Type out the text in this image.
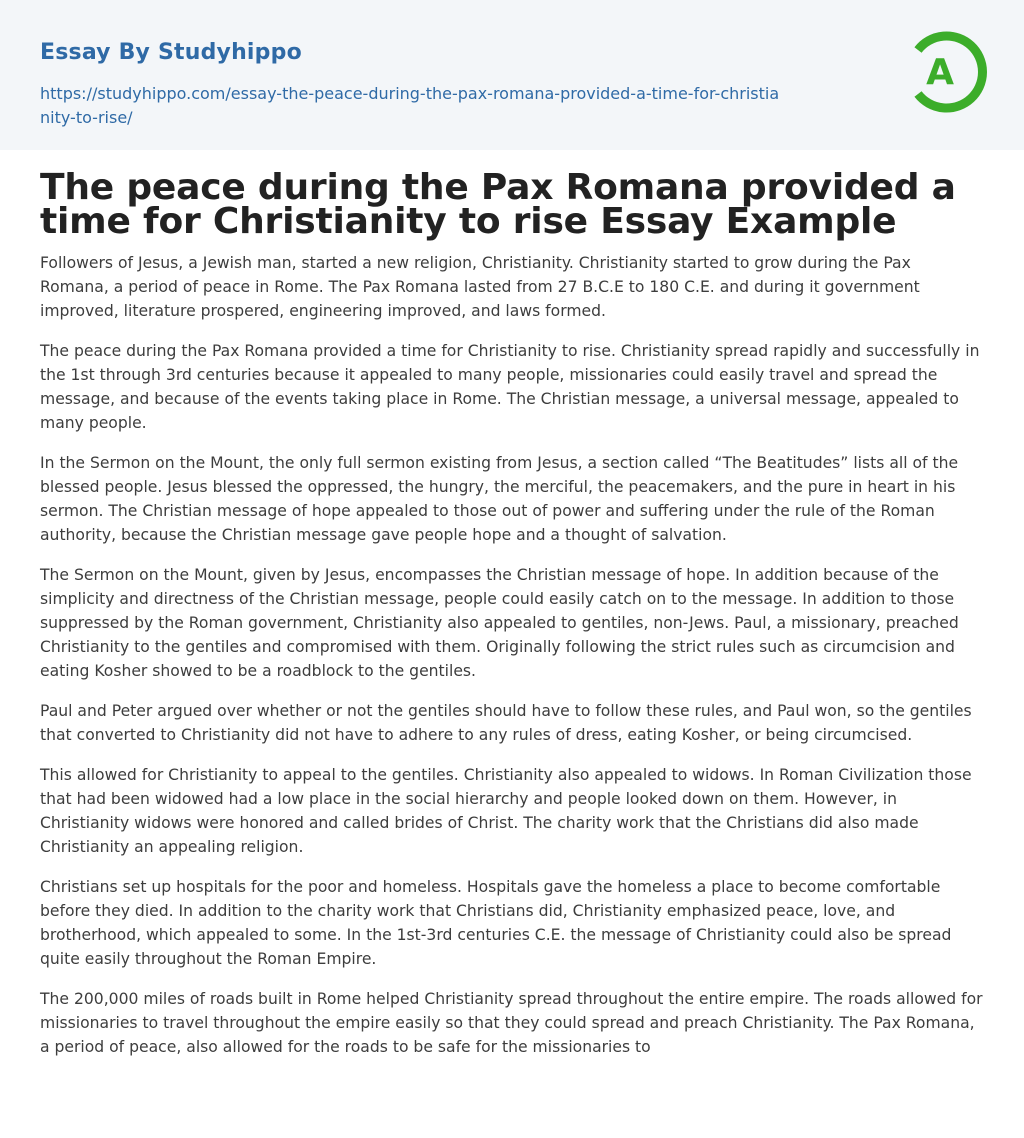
Essay By Studyhippo
https://studyhippo.com/essay-the-peace-during-the-pax-romana-provided-a-time-for-christianity-to-rise/
A
The peace during the Pax Romana provided a time for Christianity to rise Essay Example

Followers of Jesus, a Jewish man, started a new religion, Christianity. Christianity started to grow during the Pax Romana, a period of peace in Rome. The Pax Romana lasted from 27 B.C.E to 180 C.E. and during it government improved, literature prospered, engineering improved, and laws formed.

The peace during the Pax Romana provided a time for Christianity to rise. Christianity spread rapidly and successfully in the 1st through 3rd centuries because it appealed to many people, missionaries could easily travel and spread the message, and because of the events taking place in Rome. The Christian message, a universal message, appealed to many people.

In the Sermon on the Mount, the only full sermon existing from Jesus, a section called “The Beatitudes” lists all of the blessed people. Jesus blessed the oppressed, the hungry, the merciful, the peacemakers, and the pure in heart in his sermon. The Christian message of hope appealed to those out of power and suffering under the rule of the Roman authority, because the Christian message gave people hope and a thought of salvation.

The Sermon on the Mount, given by Jesus, encompasses the Christian message of hope. In addition because of the simplicity and directness of the Christian message, people could easily catch on to the message. In addition to those suppressed by the Roman government, Christianity also appealed to gentiles, non-Jews. Paul, a missionary, preached Christianity to the gentiles and compromised with them. Originally following the strict rules such as circumcision and eating Kosher showed to be a roadblock to the gentiles.

Paul and Peter argued over whether or not the gentiles should have to follow these rules, and Paul won, so the gentiles that converted to Christianity did not have to adhere to any rules of dress, eating Kosher, or being circumcised.

This allowed for Christianity to appeal to the gentiles. Christianity also appealed to widows. In Roman Civilization those that had been widowed had a low place in the social hierarchy and people looked down on them. However, in Christianity widows were honored and called brides of Christ. The charity work that the Christians did also made Christianity an appealing religion.

Christians set up hospitals for the poor and homeless. Hospitals gave the homeless a place to become comfortable before they died. In addition to the charity work that Christians did, Christianity emphasized peace, love, and brotherhood, which appealed to some. In the 1st-3rd centuries C.E. the message of Christianity could also be spread quite easily throughout the Roman Empire.

The 200,000 miles of roads built in Rome helped Christianity spread throughout the entire empire. The roads allowed for missionaries to travel throughout the empire easily so that they could spread and preach Christianity. The Pax Romana, a period of peace, also allowed for the roads to be safe for the missionaries to
